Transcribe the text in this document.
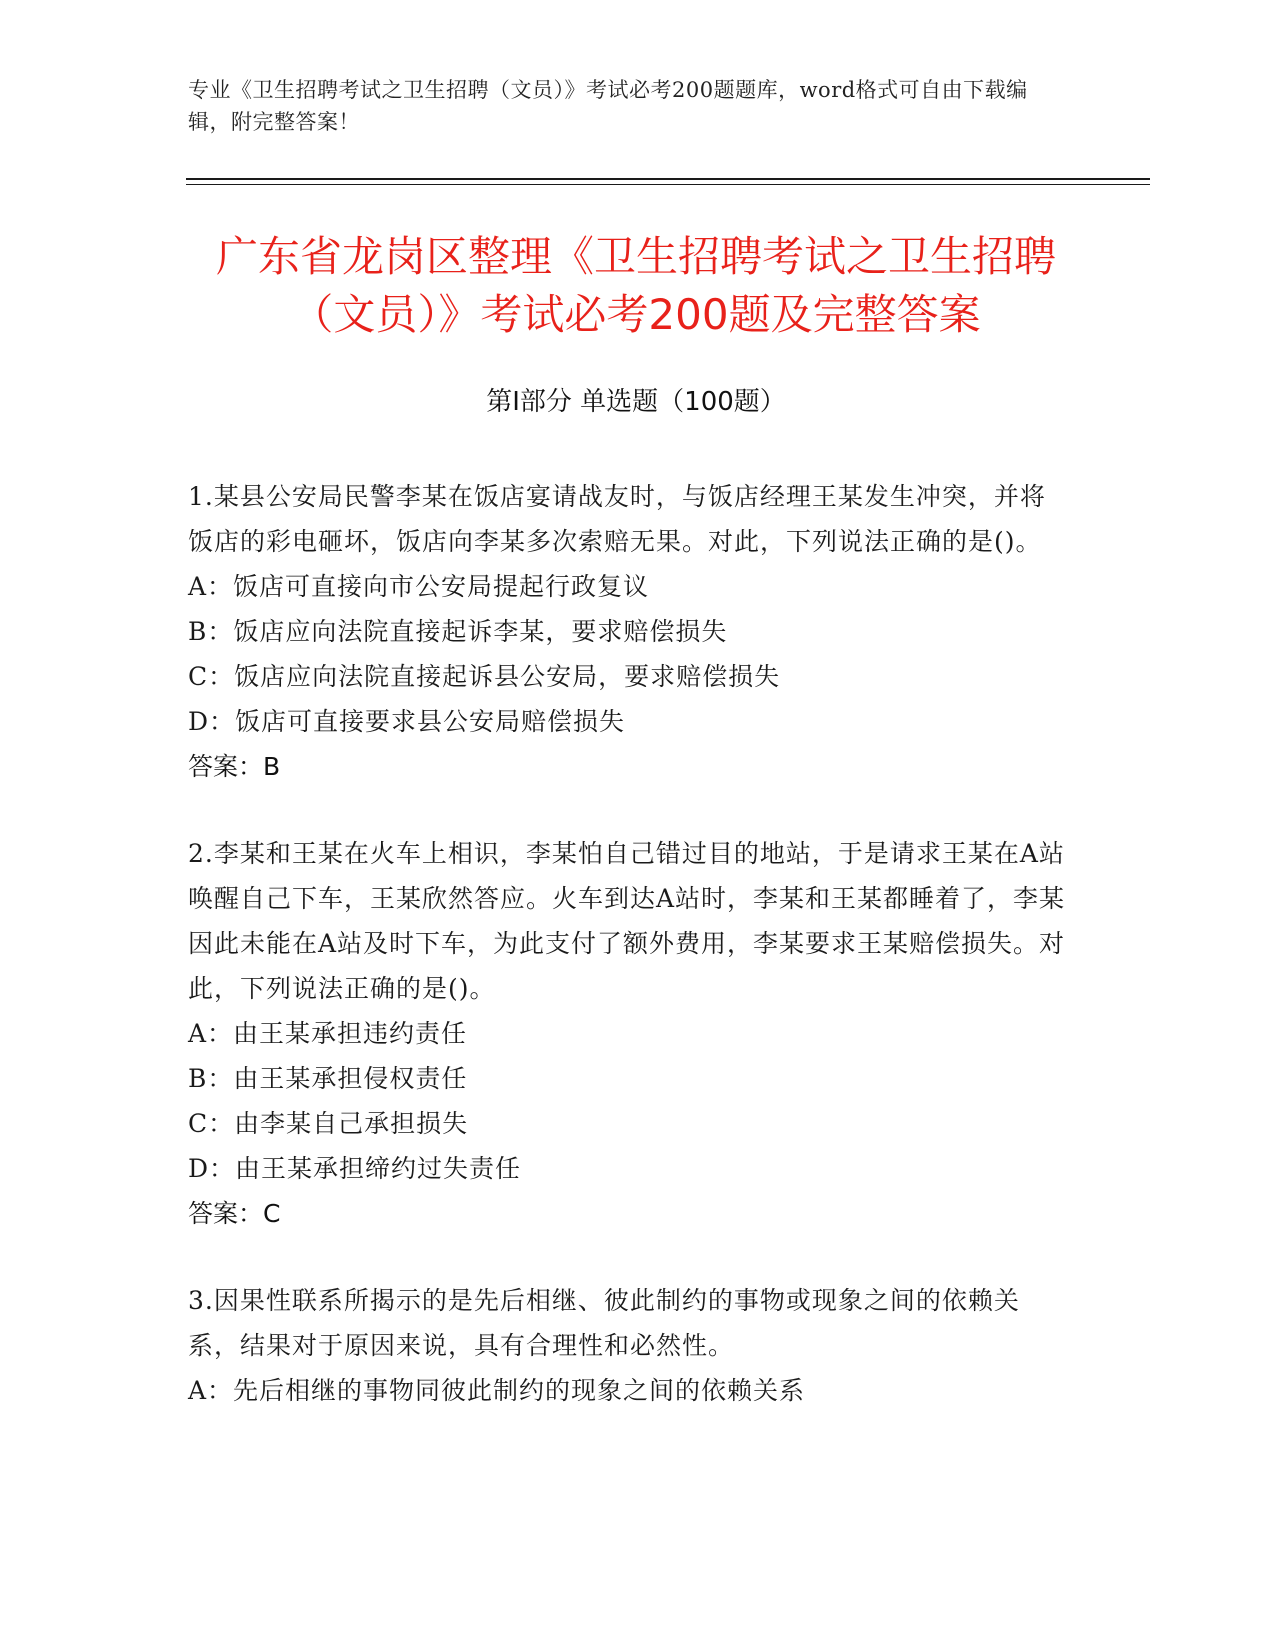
专业《卫生招聘考试之卫生招聘（文员）》考试必考200题题库，word格式可自由下载编辑，附完整答案！
广东省龙岗区整理《卫生招聘考试之卫生招聘（文员）》考试必考200题及完整答案
第Ⅰ部分 单选题（100题）
1.某县公安局民警李某在饭店宴请战友时，与饭店经理王某发生冲突，并将饭店的彩电砸坏，饭店向李某多次索赔无果。对此，下列说法正确的是()。
A：饭店可直接向市公安局提起行政复议
B：饭店应向法院直接起诉李某，要求赔偿损失
C：饭店应向法院直接起诉县公安局，要求赔偿损失
D：饭店可直接要求县公安局赔偿损失
答案：B
2.李某和王某在火车上相识，李某怕自己错过目的地站，于是请求王某在A站唤醒自己下车，王某欣然答应。火车到达A站时，李某和王某都睡着了，李某因此未能在A站及时下车，为此支付了额外费用，李某要求王某赔偿损失。对此，下列说法正确的是()。
A：由王某承担违约责任
B：由王某承担侵权责任
C：由李某自己承担损失
D：由王某承担缔约过失责任
答案：C
3.因果性联系所揭示的是先后相继、彼此制约的事物或现象之间的依赖关系，结果对于原因来说，具有合理性和必然性。
A：先后相继的事物同彼此制约的现象之间的依赖关系
